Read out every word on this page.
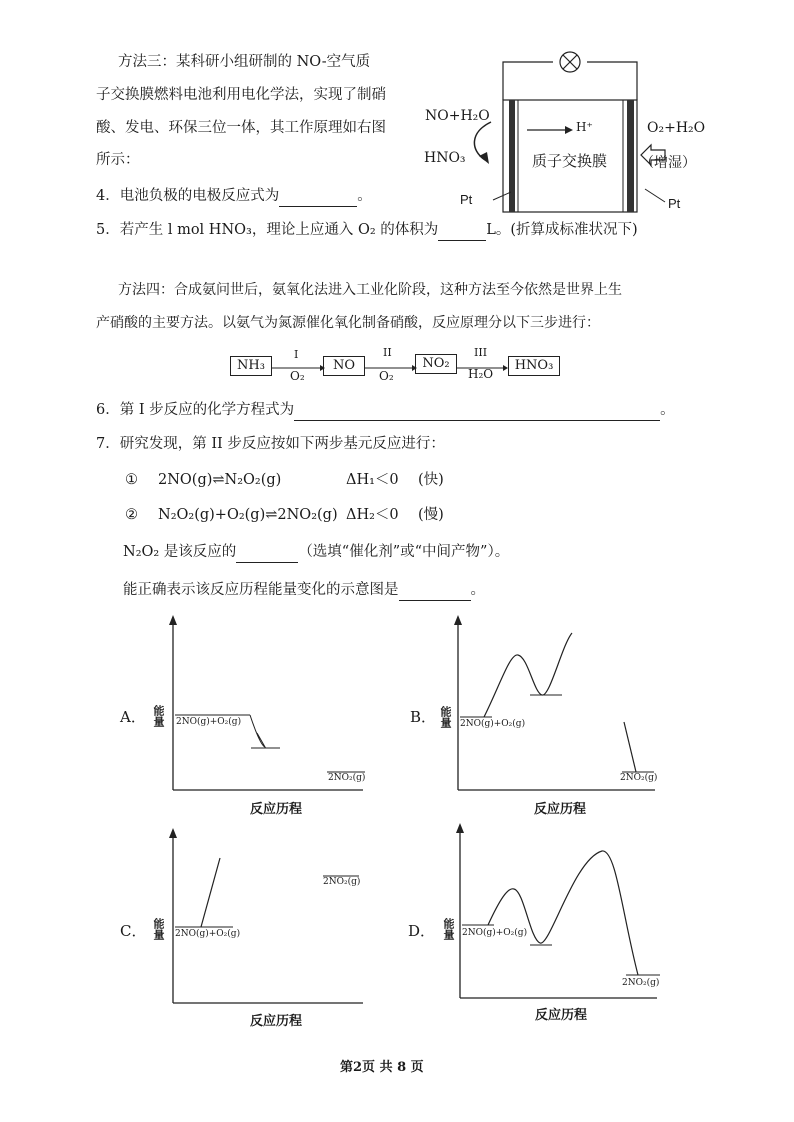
方法三：某科研小组研制的 NO-空气质
子交换膜燃料电池利用电化学法，实现了制硝
酸、发电、环保三位一体，其工作原理如右图
所示：
NO+H₂O
HNO₃
H⁺
质子交换膜
O₂+H₂O
（增湿）
Pt	Pt
4．电池负极的电极反应式为	。
5．若产生 l mol HNO₃，理论上应通入 O₂ 的体积为	L。(折算成标准状况下)
方法四：合成氨问世后，氨氧化法进入工业化阶段，这种方法至今依然是世界上生
产硝酸的主要方法。以氨气为氮源催化氧化制备硝酸，反应原理分以下三步进行：
NH₃	NO	NO₂	HNO₃
I	II	III
O₂	O₂	H₂O
6．第 I 步反应的化学方程式为	。
7．研究发现，第 II 步反应按如下两步基元反应进行：
① 2NO(g)⇌N₂O₂(g)	ΔH₁＜0 (快)
② N₂O₂(g)+O₂(g)⇌2NO₂(g) ΔH₂＜0 (慢)
N₂O₂ 是该反应的	（选填“催化剂”或“中间产物”）。
能正确表示该反应历程能量变化的示意图是	。
A． 能量 2NO(g)+O₂(g)
2NO₂(g)
反应历程
B． 能量 2NO(g)+O₂(g)
2NO₂(g)
反应历程
C． 能量 2NO(g)+O₂(g)
2NO₂(g)
反应历程
D． 能量 2NO(g)+O₂(g)
2NO₂(g)
反应历程
第2页 共 8 页
